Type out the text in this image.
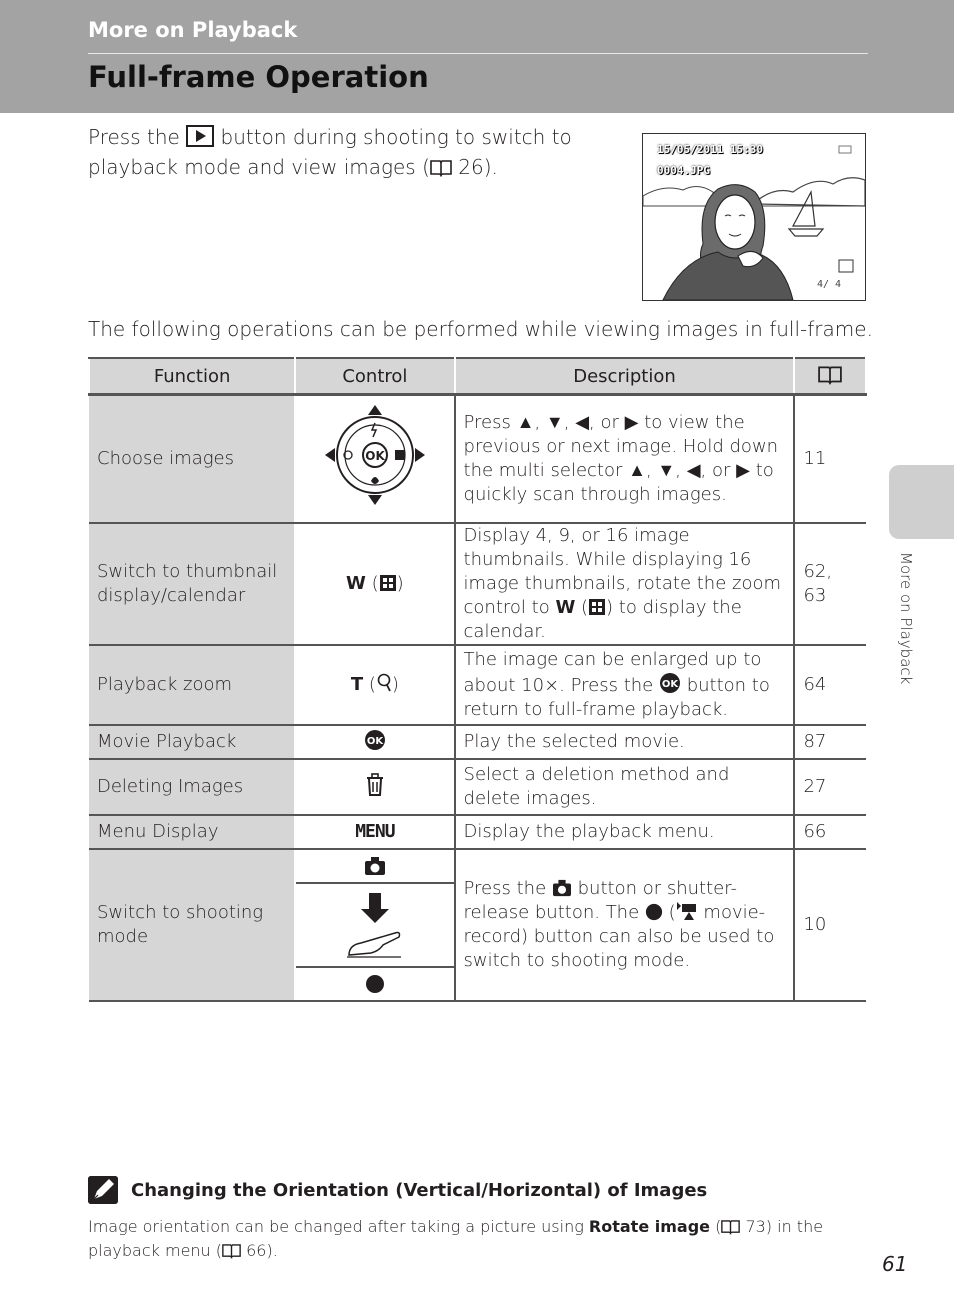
More on Playback
Full-frame Operation
Press the button during shooting to switch to playback mode and view images ( 26).
15/05/2011 15:30
0004.JPG
4/ 4
The following operations can be performed while viewing images in full-frame.
Function	Control	Description	
Choose images	OK	Press ▲, ▼, ◀, or ▶ to view the previous or next image. Hold down the multi selector ▲, ▼, ◀, or ▶ to quickly scan through images.	11
Switch to thumbnail display/calendar	W ( )	Display 4, 9, or 16 image thumbnails. While displaying 16 image thumbnails, rotate the zoom control to W ( ) to display the calendar.	62, 63
Playback zoom	T ( )	The image can be enlarged up to about 10×. Press the OK button to return to full-frame playback.	64
Movie Playback	OK	Play the selected movie.	87
Deleting Images		Select a deletion method and delete images.	27
Menu Display	MENU	Display the playback menu.	66
Switch to shooting mode		Press the button or shutter-release button. The ( movie-record) button can also be used to switch to shooting mode.	10
More on Playback
Changing the Orientation (Vertical/Horizontal) of Images
Image orientation can be changed after taking a picture using Rotate image ( 73) in the playback menu ( 66).
61
